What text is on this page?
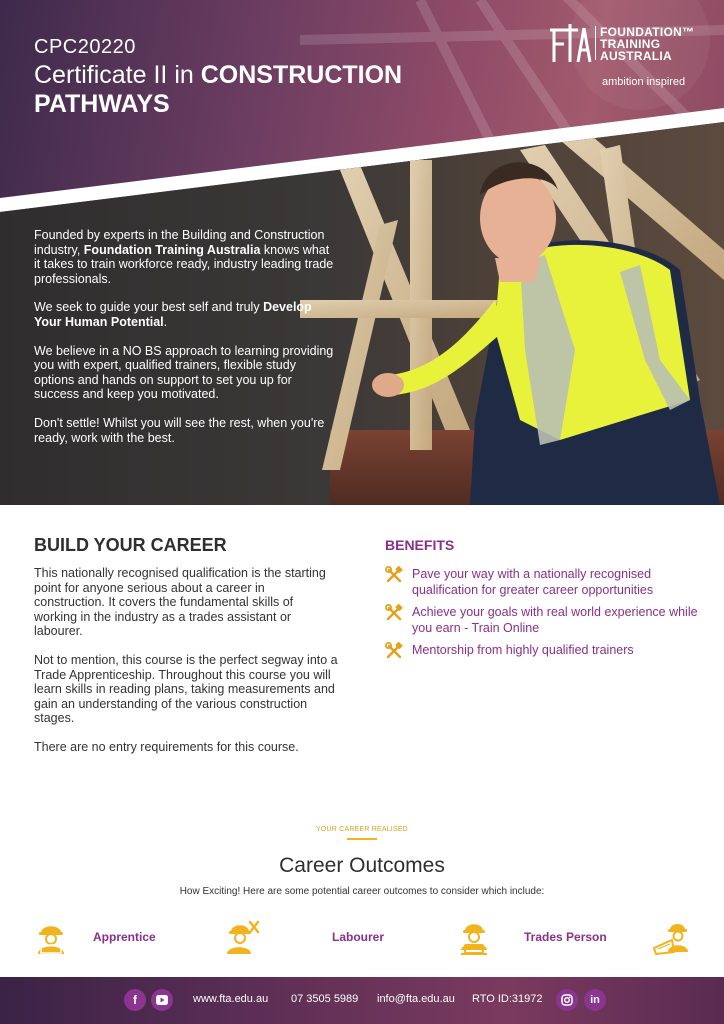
CPC20220
Certificate II in CONSTRUCTION PATHWAYS
FOUNDATION™
TRAINING
AUSTRALIA
ambition inspired

Founded by experts in the Building and Construction industry, Foundation Training Australia knows what it takes to train workforce ready, industry leading trade professionals.

We seek to guide your best self and truly Develop Your Human Potential.

We believe in a NO BS approach to learning providing you with expert, qualified trainers, flexible study options and hands on support to set you up for success and keep you motivated.

Don't settle! Whilst you will see the rest, when you're ready, work with the best.

BUILD YOUR CAREER

This nationally recognised qualification is the starting point for anyone serious about a career in construction. It covers the fundamental skills of working in the industry as a trades assistant or labourer.

Not to mention, this course is the perfect segway into a Trade Apprenticeship. Throughout this course you will learn skills in reading plans, taking measurements and gain an understanding of the various construction stages.

There are no entry requirements for this course.

BENEFITS
Pave your way with a nationally recognised qualification for greater career opportunities
Achieve your goals with real world experience while you earn - Train Online
Mentorship from highly qualified trainers
YOUR CAREER REALISED
Career Outcomes
How Exciting! Here are some potential career outcomes to consider which include:
Apprentice	Labourer	Trades Person
f	www.fta.edu.au 07 3505 5989 info@fta.edu.au RTO ID:31972	in
